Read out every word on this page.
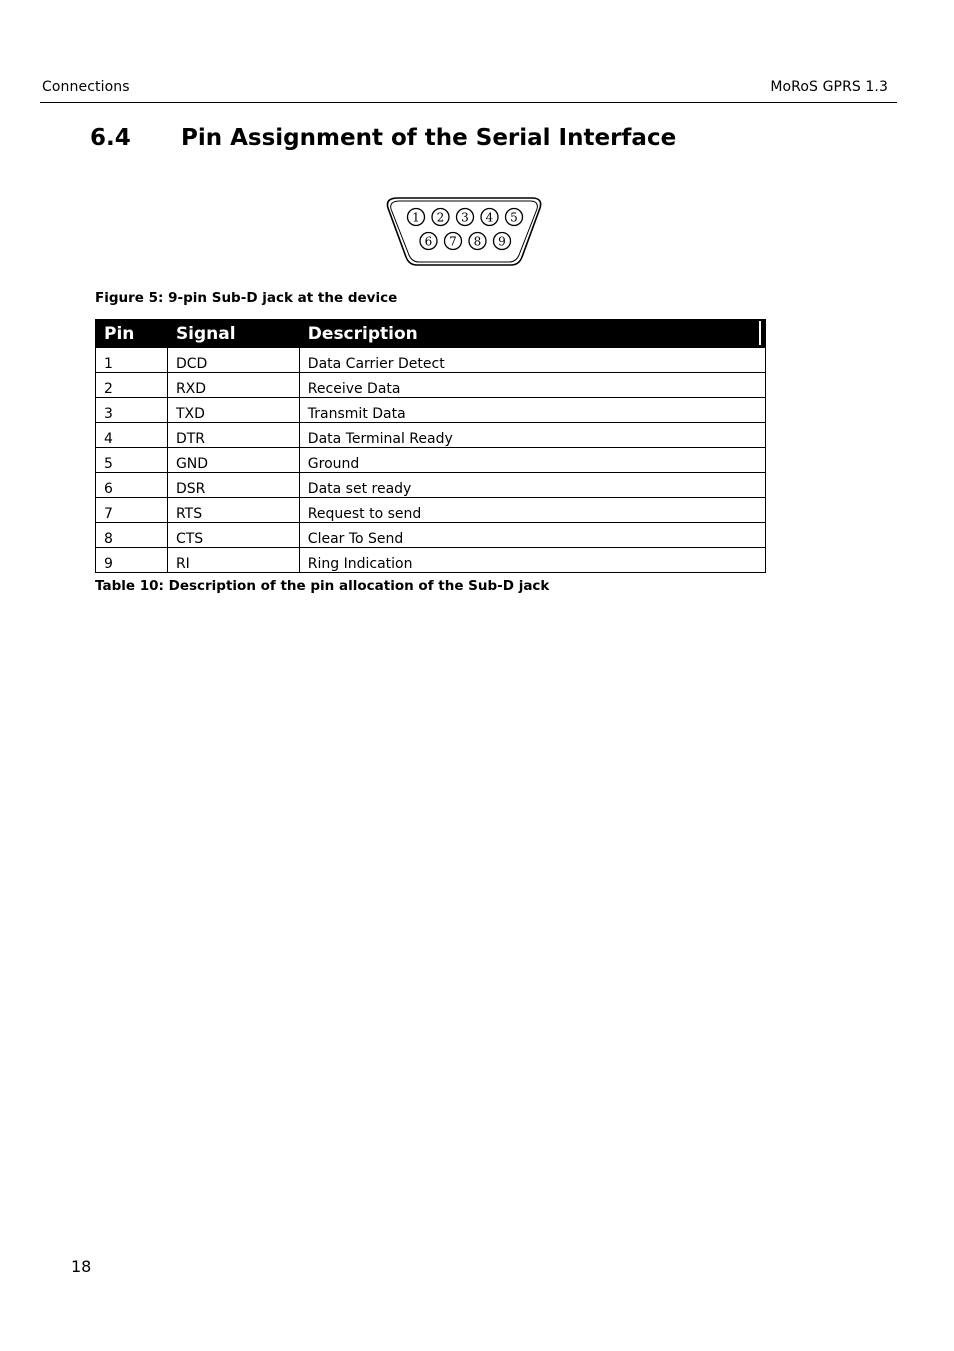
Connections	MoRoS GPRS 1.3
6.4 Pin Assignment of the Serial Interface
1 2 3 4 5
6 7 8 9
Figure 5: 9-pin Sub-D jack at the device
Pin	Signal	Description
1	DCD	Data Carrier Detect
2	RXD	Receive Data
3	TXD	Transmit Data
4	DTR	Data Terminal Ready
5	GND	Ground
6	DSR	Data set ready
7	RTS	Request to send
8	CTS	Clear To Send
9	RI	Ring Indication
Table 10: Description of the pin allocation of the Sub-D jack
18
